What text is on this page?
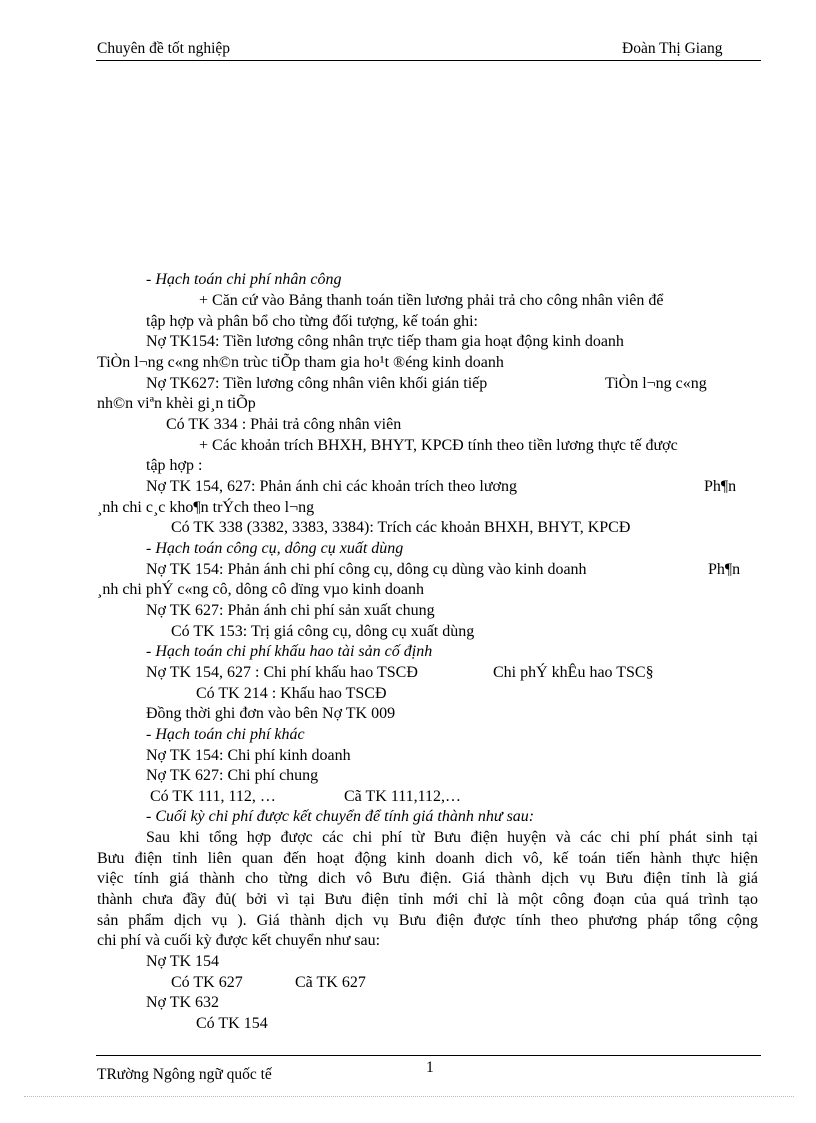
Chuyên đề tốt nghiệp	Đoàn Thị Giang
- Hạch toán chi phí nhân công
+ Căn cứ vào Bảng thanh toán tiền lương phải trả cho công nhân viên để
tập hợp và phân bổ cho từng đối tượng, kế toán ghi:
Nợ TK154: Tiền lương công nhân trực tiếp tham gia hoạt động kinh doanh
TiÒn l¬ng c«ng nh©n trùc tiÕp tham gia ho¹t ®éng kinh doanh
Nợ TK627: Tiền lương công nhân viên khối gián tiếp	TiÒn l¬ng c«ng
nh©n viªn khèi gi¸n tiÕp
Có TK 334 : Phải trả công nhân viên
+ Các khoản trích BHXH, BHYT, KPCĐ tính theo tiền lương thực tế được
tập hợp :
Nợ TK 154, 627: Phản ánh chi các khoản trích theo lương	Ph¶n
¸nh chi c¸c kho¶n trÝch theo l¬ng
Có TK 338 (3382, 3383, 3384): Trích các khoản BHXH, BHYT, KPCĐ
- Hạch toán công cụ, dông cụ xuất dùng
Nợ TK 154: Phản ánh chi phí công cụ, dông cụ dùng vào kinh doanh	Ph¶n
¸nh chi phÝ c«ng cô, dông cô dïng vµo kinh doanh
Nợ TK 627: Phản ánh chi phí sản xuất chung
Có TK 153: Trị giá công cụ, dông cụ xuất dùng
- Hạch toán chi phí khấu hao tài sản cố định
Nợ TK 154, 627 : Chi phí khấu hao TSCĐ	Chi phÝ khÊu hao TSC§
Có TK 214 : Khấu hao TSCĐ
Đồng thời ghi đơn vào bên Nợ TK 009
- Hạch toán chi phí khác
Nợ TK 154: Chi phí kinh doanh
Nợ TK 627: Chi phí chung
Có TK 111, 112, …	Cã TK 111,112,…
- Cuối kỳ chi phí được kết chuyển để tính giá thành như sau:
Sau khi tổng hợp được các chi phí từ Bưu điện huyện và các chi phí phát sinh tại
Bưu điện tỉnh liên quan đến hoạt động kinh doanh dich vô, kế toán tiến hành thực hiện
việc tính giá thành cho từng dich vô Bưu điện. Giá thành dịch vụ Bưu điện tỉnh là giá
thành chưa đầy đủ( bởi vì tại Bưu điện tỉnh mới chỉ là một công đoạn của quá trình tạo
sản phẩm dịch vụ ). Giá thành dịch vụ Bưu điện được tính theo phương pháp tổng cộng
chi phí và cuối kỳ được kết chuyển như sau:
Nợ TK 154
Có TK 627	Cã TK 627
Nợ TK 632
Có TK 154
TRường Ngông ngữ quốc tế	1
